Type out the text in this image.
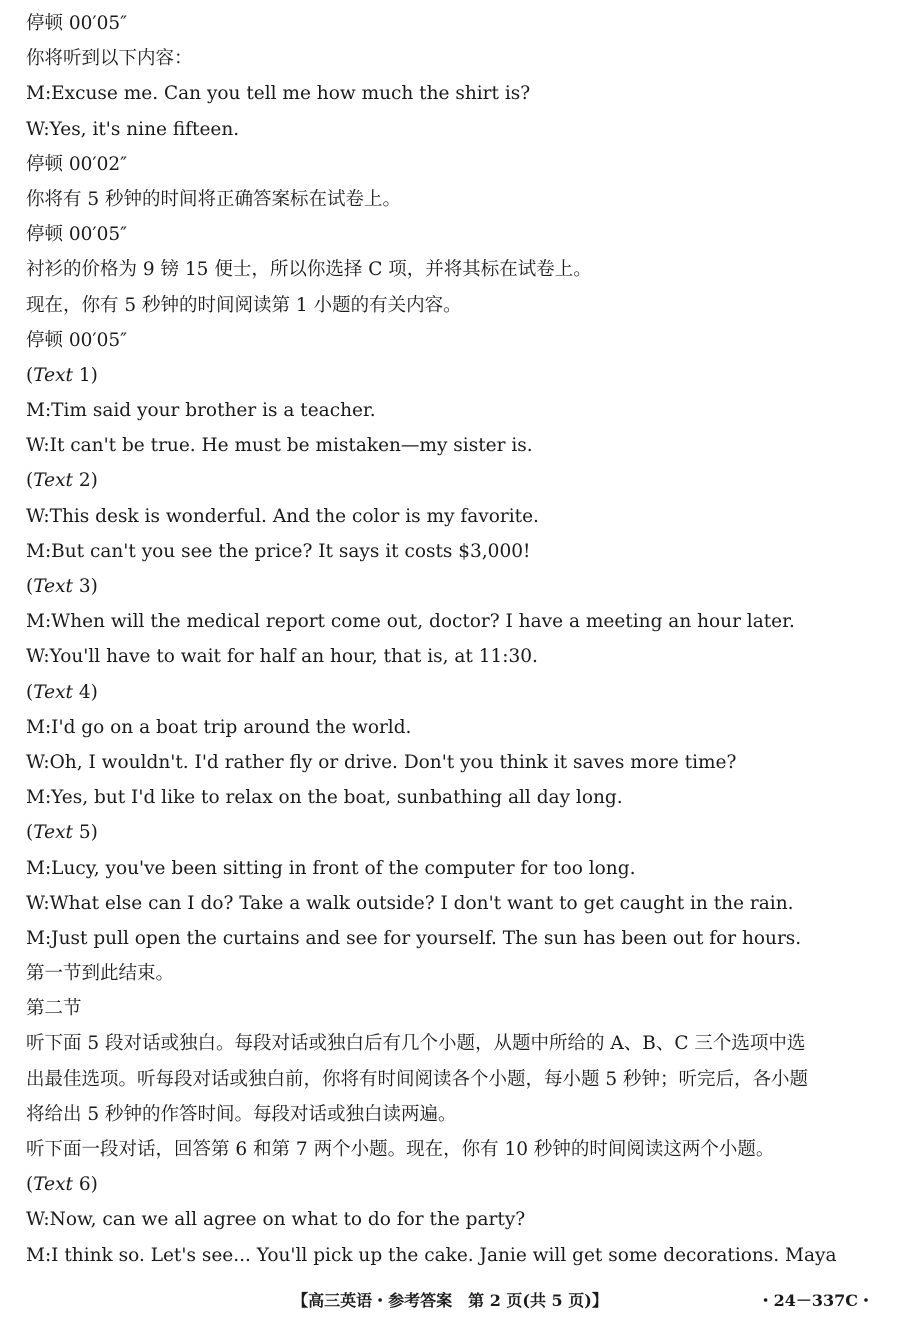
停顿 00′05″
你将听到以下内容：
M:Excuse me. Can you tell me how much the shirt is?
W:Yes, it's nine fifteen.
停顿 00′02″
你将有 5 秒钟的时间将正确答案标在试卷上。
停顿 00′05″
衬衫的价格为 9 镑 15 便士，所以你选择 C 项，并将其标在试卷上。
现在，你有 5 秒钟的时间阅读第 1 小题的有关内容。
停顿 00′05″
(Text 1)
M:Tim said your brother is a teacher.
W:It can't be true. He must be mistaken—my sister is.
(Text 2)
W:This desk is wonderful. And the color is my favorite.
M:But can't you see the price? It says it costs $3,000!
(Text 3)
M:When will the medical report come out, doctor? I have a meeting an hour later.
W:You'll have to wait for half an hour, that is, at 11:30.
(Text 4)
M:I'd go on a boat trip around the world.
W:Oh, I wouldn't. I'd rather fly or drive. Don't you think it saves more time?
M:Yes, but I'd like to relax on the boat, sunbathing all day long.
(Text 5)
M:Lucy, you've been sitting in front of the computer for too long.
W:What else can I do? Take a walk outside? I don't want to get caught in the rain.
M:Just pull open the curtains and see for yourself. The sun has been out for hours.
第一节到此结束。
第二节
听下面 5 段对话或独白。每段对话或独白后有几个小题，从题中所给的 A、B、C 三个选项中选
出最佳选项。听每段对话或独白前，你将有时间阅读各个小题，每小题 5 秒钟；听完后，各小题
将给出 5 秒钟的作答时间。每段对话或独白读两遍。
听下面一段对话，回答第 6 和第 7 两个小题。现在，你有 10 秒钟的时间阅读这两个小题。
(Text 6)
W:Now, can we all agree on what to do for the party?
M:I think so. Let's see... You'll pick up the cake. Janie will get some decorations. Maya
【高三英语・参考答案　第 2 页(共 5 页)】	・24－337C・
